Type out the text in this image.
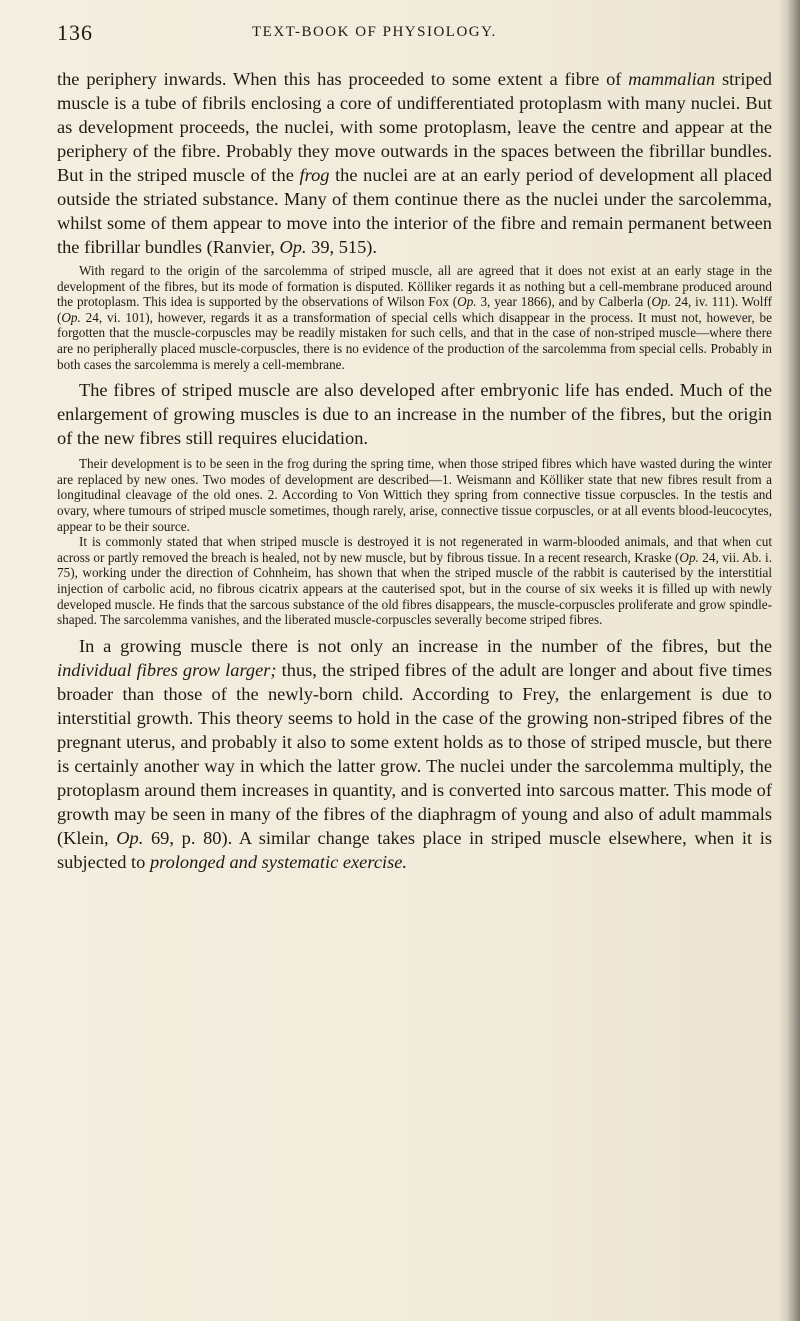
136	TEXT-BOOK OF PHYSIOLOGY.

the periphery inwards. When this has proceeded to some extent a fibre of mammalian striped muscle is a tube of fibrils enclosing a core of undifferentiated protoplasm with many nuclei. But as development proceeds, the nuclei, with some protoplasm, leave the centre and appear at the periphery of the fibre. Probably they move outwards in the spaces between the fibrillar bundles. But in the striped muscle of the frog the nuclei are at an early period of development all placed outside the striated substance. Many of them continue there as the nuclei under the sarcolemma, whilst some of them appear to move into the interior of the fibre and remain permanent between the fibrillar bundles (Ranvier, Op. 39, 515).

With regard to the origin of the sarcolemma of striped muscle, all are agreed that it does not exist at an early stage in the development of the fibres, but its mode of formation is disputed. Kölliker regards it as nothing but a cell-membrane produced around the protoplasm. This idea is supported by the observations of Wilson Fox (Op. 3, year 1866), and by Calberla (Op. 24, iv. 111). Wolff (Op. 24, vi. 101), however, regards it as a transformation of special cells which disappear in the process. It must not, however, be forgotten that the muscle-corpuscles may be readily mistaken for such cells, and that in the case of non-striped muscle—where there are no peripherally placed muscle-corpuscles, there is no evidence of the production of the sarcolemma from special cells. Probably in both cases the sarcolemma is merely a cell-membrane.

The fibres of striped muscle are also developed after embryonic life has ended. Much of the enlargement of growing muscles is due to an increase in the number of the fibres, but the origin of the new fibres still requires elucidation.

Their development is to be seen in the frog during the spring time, when those striped fibres which have wasted during the winter are replaced by new ones. Two modes of development are described—1. Weismann and Kölliker state that new fibres result from a longitudinal cleavage of the old ones. 2. According to Von Wittich they spring from connective tissue corpuscles. In the testis and ovary, where tumours of striped muscle sometimes, though rarely, arise, connective tissue corpuscles, or at all events blood-leucocytes, appear to be their source.

It is commonly stated that when striped muscle is destroyed it is not regenerated in warm-blooded animals, and that when cut across or partly removed the breach is healed, not by new muscle, but by fibrous tissue. In a recent research, Kraske (Op. 24, vii. Ab. i. 75), working under the direction of Cohnheim, has shown that when the striped muscle of the rabbit is cauterised by the interstitial injection of carbolic acid, no fibrous cicatrix appears at the cauterised spot, but in the course of six weeks it is filled up with newly developed muscle. He finds that the sarcous substance of the old fibres disappears, the muscle-corpuscles proliferate and grow spindle-shaped. The sarcolemma vanishes, and the liberated muscle-corpuscles severally become striped fibres.

In a growing muscle there is not only an increase in the number of the fibres, but the individual fibres grow larger; thus, the striped fibres of the adult are longer and about five times broader than those of the newly-born child. According to Frey, the enlargement is due to interstitial growth. This theory seems to hold in the case of the growing non-striped fibres of the pregnant uterus, and probably it also to some extent holds as to those of striped muscle, but there is certainly another way in which the latter grow. The nuclei under the sarcolemma multiply, the protoplasm around them increases in quantity, and is converted into sarcous matter. This mode of growth may be seen in many of the fibres of the diaphragm of young and also of adult mammals (Klein, Op. 69, p. 80). A similar change takes place in striped muscle elsewhere, when it is subjected to prolonged and systematic exercise.
